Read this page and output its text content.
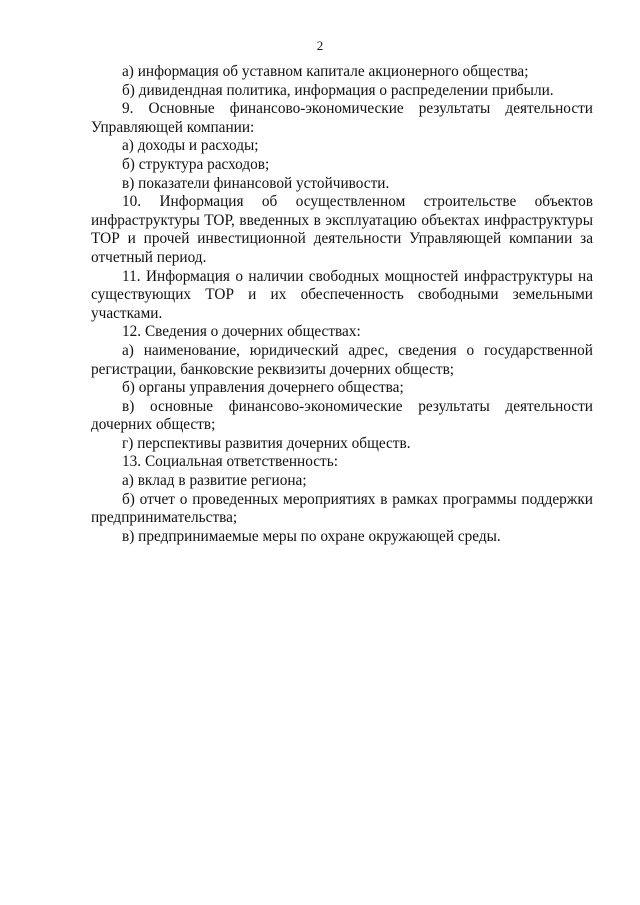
2

а) информация об уставном капитале акционерного общества;

б) дивидендная политика, информация о распределении прибыли.

9. Основные финансово-экономические результаты деятельности Управляющей компании:

а) доходы и расходы;

б) структура расходов;

в) показатели финансовой устойчивости.

10. Информация об осуществленном строительстве объектов инфраструктуры ТОР, введенных в эксплуатацию объектах инфраструктуры ТОР и прочей инвестиционной деятельности Управляющей компании за отчетный период.

11. Информация о наличии свободных мощностей инфраструктуры на существующих ТОР и их обеспеченность свободными земельными участками.

12. Сведения о дочерних обществах:

а) наименование, юридический адрес, сведения о государственной регистрации, банковские реквизиты дочерних обществ;

б) органы управления дочернего общества;

в) основные финансово-экономические результаты деятельности дочерних обществ;

г) перспективы развития дочерних обществ.

13. Социальная ответственность:

а) вклад в развитие региона;

б) отчет о проведенных мероприятиях в рамках программы поддержки предпринимательства;

в) предпринимаемые меры по охране окружающей среды.
